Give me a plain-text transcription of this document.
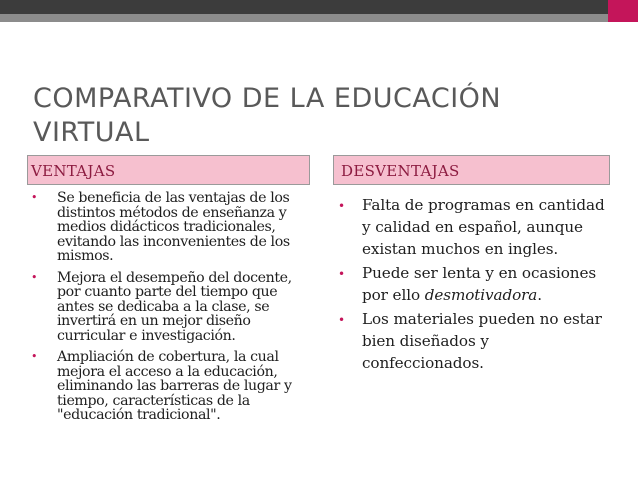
COMPARATIVO DE LA EDUCACIÓN VIRTUAL
VENTAJAS	DESVENTAJAS
• Se beneficia de las ventajas de los distintos métodos de enseñanza y medios didácticos tradicionales, evitando las inconvenientes de los mismos.
• Mejora el desempeño del docente, por cuanto parte del tiempo que antes se dedicaba a la clase, se invertirá en un mejor diseño curricular e investigación.
• Ampliación de cobertura, la cual mejora el acceso a la educación, eliminando las barreras de lugar y tiempo, características de la "educación tradicional".
• Falta de programas en cantidad y calidad en español, aunque existan muchos en ingles.
• Puede ser lenta y en ocasiones por ello desmotivadora.
• Los materiales pueden no estar bien diseñados y confeccionados.
